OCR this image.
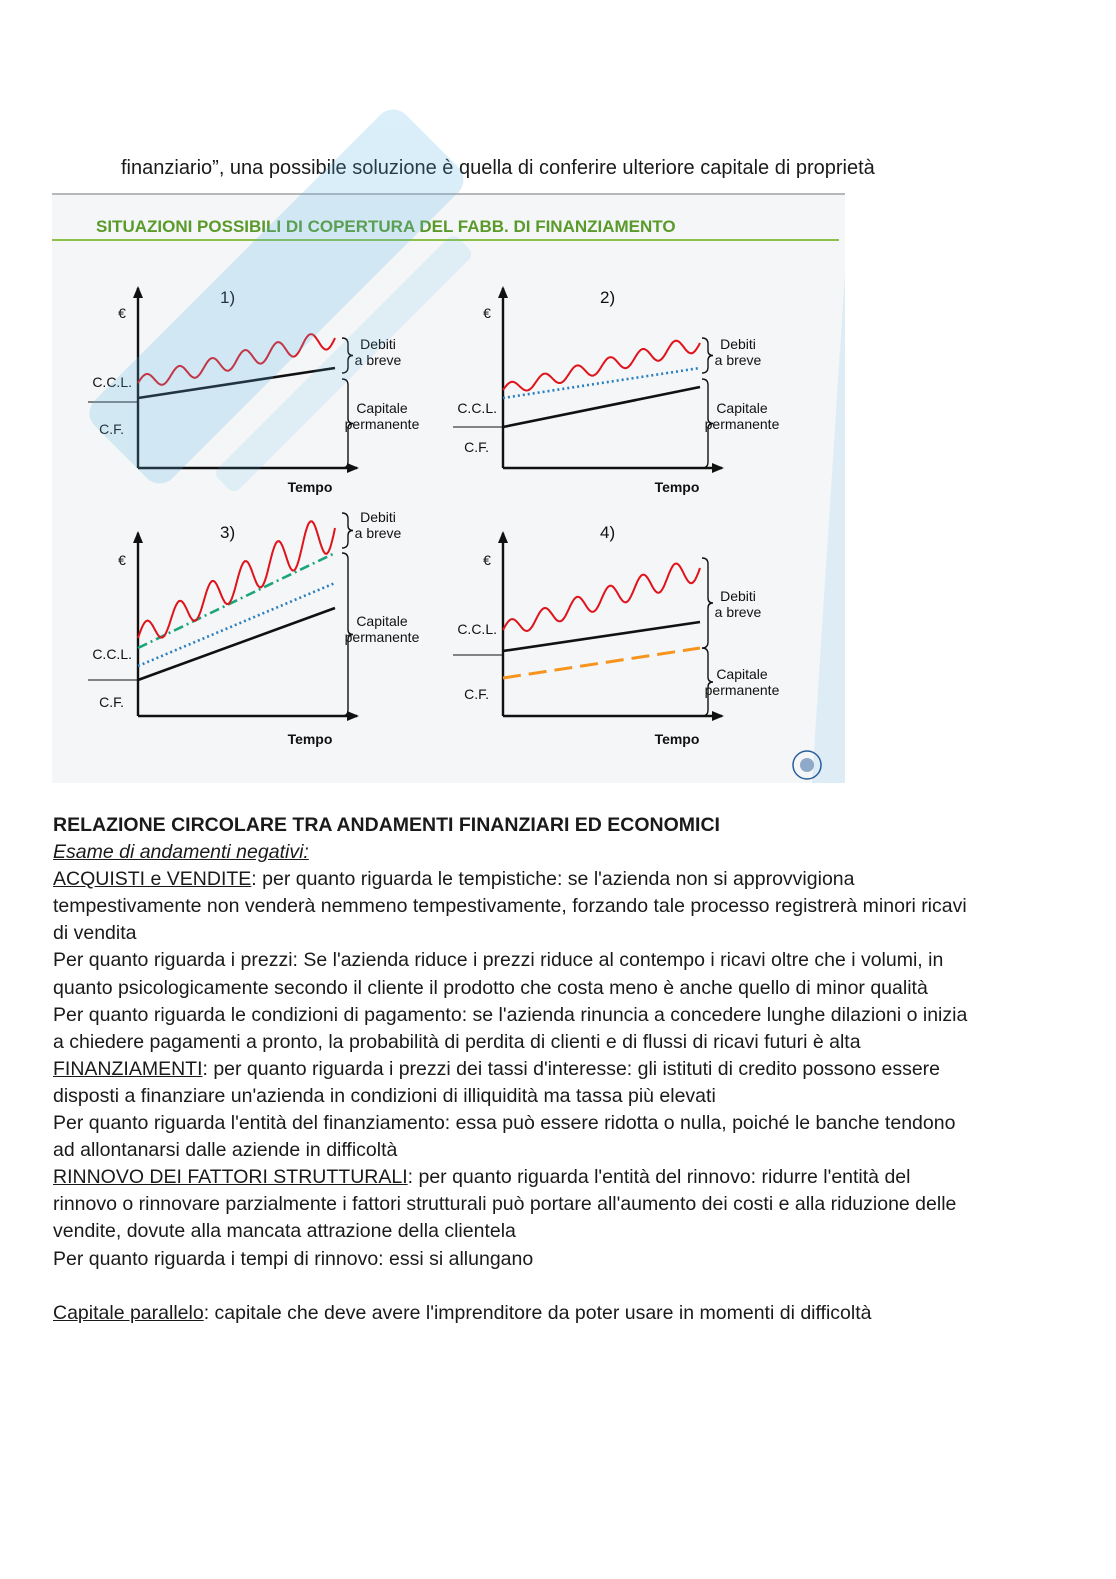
finanziario”, una possibile soluzione è quella di conferire ulteriore capitale di proprietà

SITUAZIONI POSSIBILI DI COPERTURA DEL FABB. DI FINANZIAMENTO
1)
€
C.C.L.
C.F.
Tempo
Debiti
a breve
Capitale
permanente
2)
€
C.C.L.
C.F.
Tempo
Debiti
a breve
Capitale
permanente
3)
€
C.C.L.
C.F.
Tempo
Debiti
a breve
Capitale
permanente
4)
€
C.C.L.
C.F.
Tempo
Debiti
a breve
Capitale
permanente

RELAZIONE CIRCOLARE TRA ANDAMENTI FINANZIARI ED ECONOMICI

Esame di andamenti negativi:

ACQUISTI e VENDITE: per quanto riguarda le tempistiche: se l'azienda non si approvvigiona tempestivamente non venderà nemmeno tempestivamente, forzando tale processo registrerà minori ricavi di vendita

Per quanto riguarda i prezzi: Se l'azienda riduce i prezzi riduce al contempo i ricavi oltre che i volumi, in quanto psicologicamente secondo il cliente il prodotto che costa meno è anche quello di minor qualità

Per quanto riguarda le condizioni di pagamento: se l'azienda rinuncia a concedere lunghe dilazioni o inizia a chiedere pagamenti a pronto, la probabilità di perdita di clienti e di flussi di ricavi futuri è alta

FINANZIAMENTI: per quanto riguarda i prezzi dei tassi d'interesse: gli istituti di credito possono essere disposti a finanziare un'azienda in condizioni di illiquidità ma tassa più elevati

Per quanto riguarda l'entità del finanziamento: essa può essere ridotta o nulla, poiché le banche tendono ad allontanarsi dalle aziende in difficoltà

RINNOVO DEI FATTORI STRUTTURALI: per quanto riguarda l'entità del rinnovo: ridurre l'entità del rinnovo o rinnovare parzialmente i fattori strutturali può portare all'aumento dei costi e alla riduzione delle vendite, dovute alla mancata attrazione della clientela

Per quanto riguarda i tempi di rinnovo: essi si allungano

Capitale parallelo: capitale che deve avere l'imprenditore da poter usare in momenti di difficoltà
